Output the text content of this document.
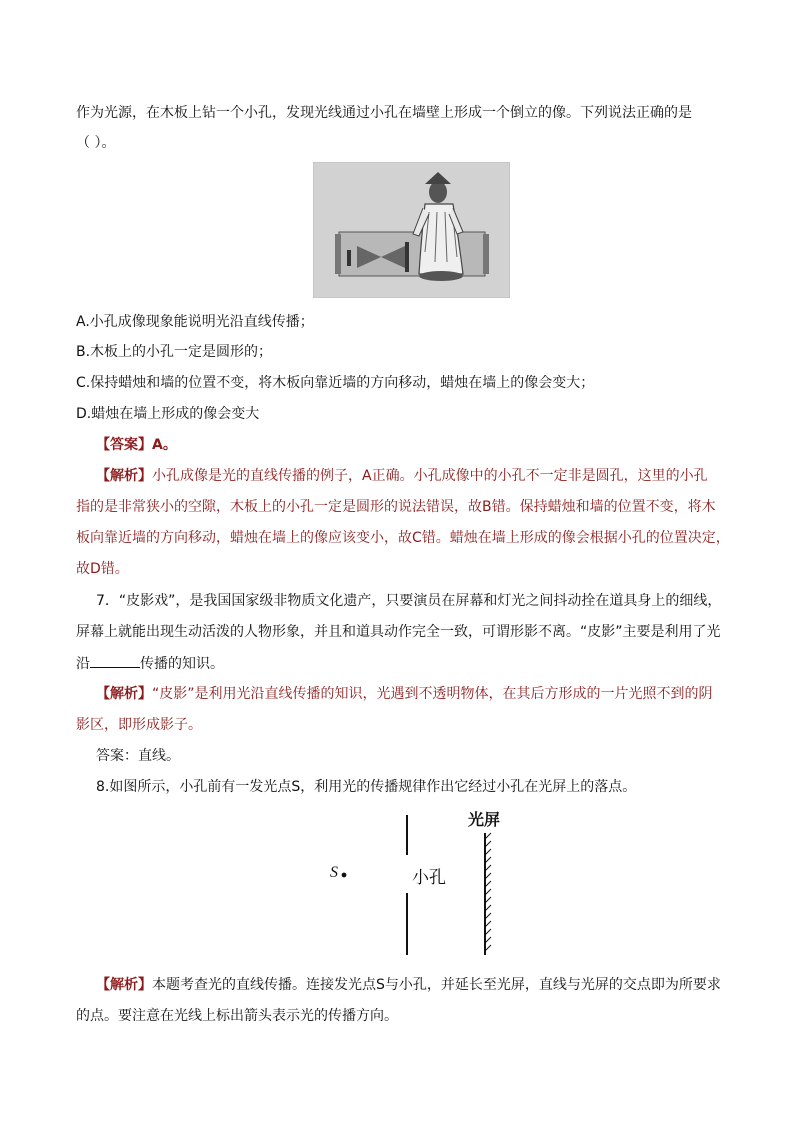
作为光源，在木板上钻一个小孔，发现光线通过小孔在墙壁上形成一个倒立的像。下列说法正确的是
（ ）。
A.小孔成像现象能说明光沿直线传播；
B.木板上的小孔一定是圆形的；
C.保持蜡烛和墙的位置不变，将木板向靠近墙的方向移动，蜡烛在墙上的像会变大；
D.蜡烛在墙上形成的像会变大
【答案】A。
【解析】小孔成像是光的直线传播的例子，A正确。小孔成像中的小孔不一定非是圆孔，这里的小孔
指的是非常狭小的空隙，木板上的小孔一定是圆形的说法错误，故B错。保持蜡烛和墙的位置不变，将木
板向靠近墙的方向移动，蜡烛在墙上的像应该变小，故C错。蜡烛在墙上形成的像会根据小孔的位置决定，
故D错。
7．“皮影戏”，是我国国家级非物质文化遗产，只要演员在屏幕和灯光之间抖动拴在道具身上的细线，
屏幕上就能出现生动活泼的人物形象，并且和道具动作完全一致，可谓形影不离。“皮影”主要是利用了光
沿	传播的知识。
【解析】“皮影”是利用光沿直线传播的知识，光遇到不透明物体，在其后方形成的一片光照不到的阴
影区，即形成影子。
答案：直线。
8.如图所示，小孔前有一发光点S，利用光的传播规律作出它经过小孔在光屏上的落点。
S	小孔
光屏
【解析】本题考查光的直线传播。连接发光点S与小孔，并延长至光屏，直线与光屏的交点即为所要求
的点。要注意在光线上标出箭头表示光的传播方向。
